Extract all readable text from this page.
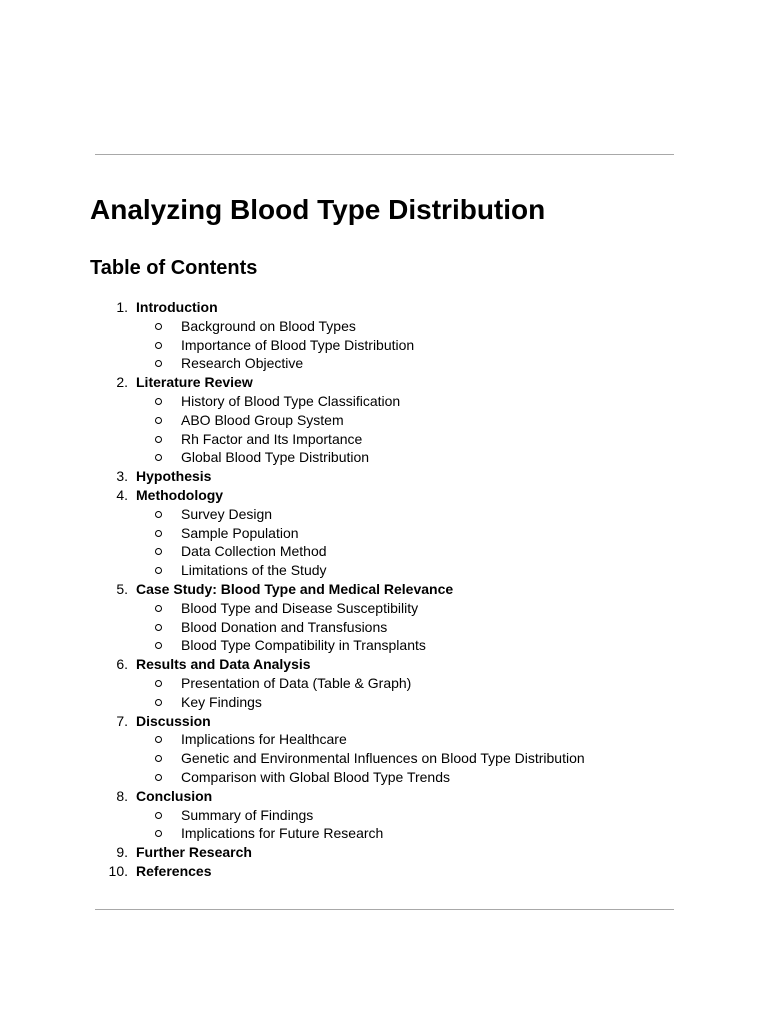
Analyzing Blood Type Distribution
Table of Contents
1. Introduction
Background on Blood Types
Importance of Blood Type Distribution
Research Objective
2. Literature Review
History of Blood Type Classification
ABO Blood Group System
Rh Factor and Its Importance
Global Blood Type Distribution
3. Hypothesis
4. Methodology
Survey Design
Sample Population
Data Collection Method
Limitations of the Study
5. Case Study: Blood Type and Medical Relevance
Blood Type and Disease Susceptibility
Blood Donation and Transfusions
Blood Type Compatibility in Transplants
6. Results and Data Analysis
Presentation of Data (Table & Graph)
Key Findings
7. Discussion
Implications for Healthcare
Genetic and Environmental Influences on Blood Type Distribution
Comparison with Global Blood Type Trends
8. Conclusion
Summary of Findings
Implications for Future Research
9. Further Research
10. References
